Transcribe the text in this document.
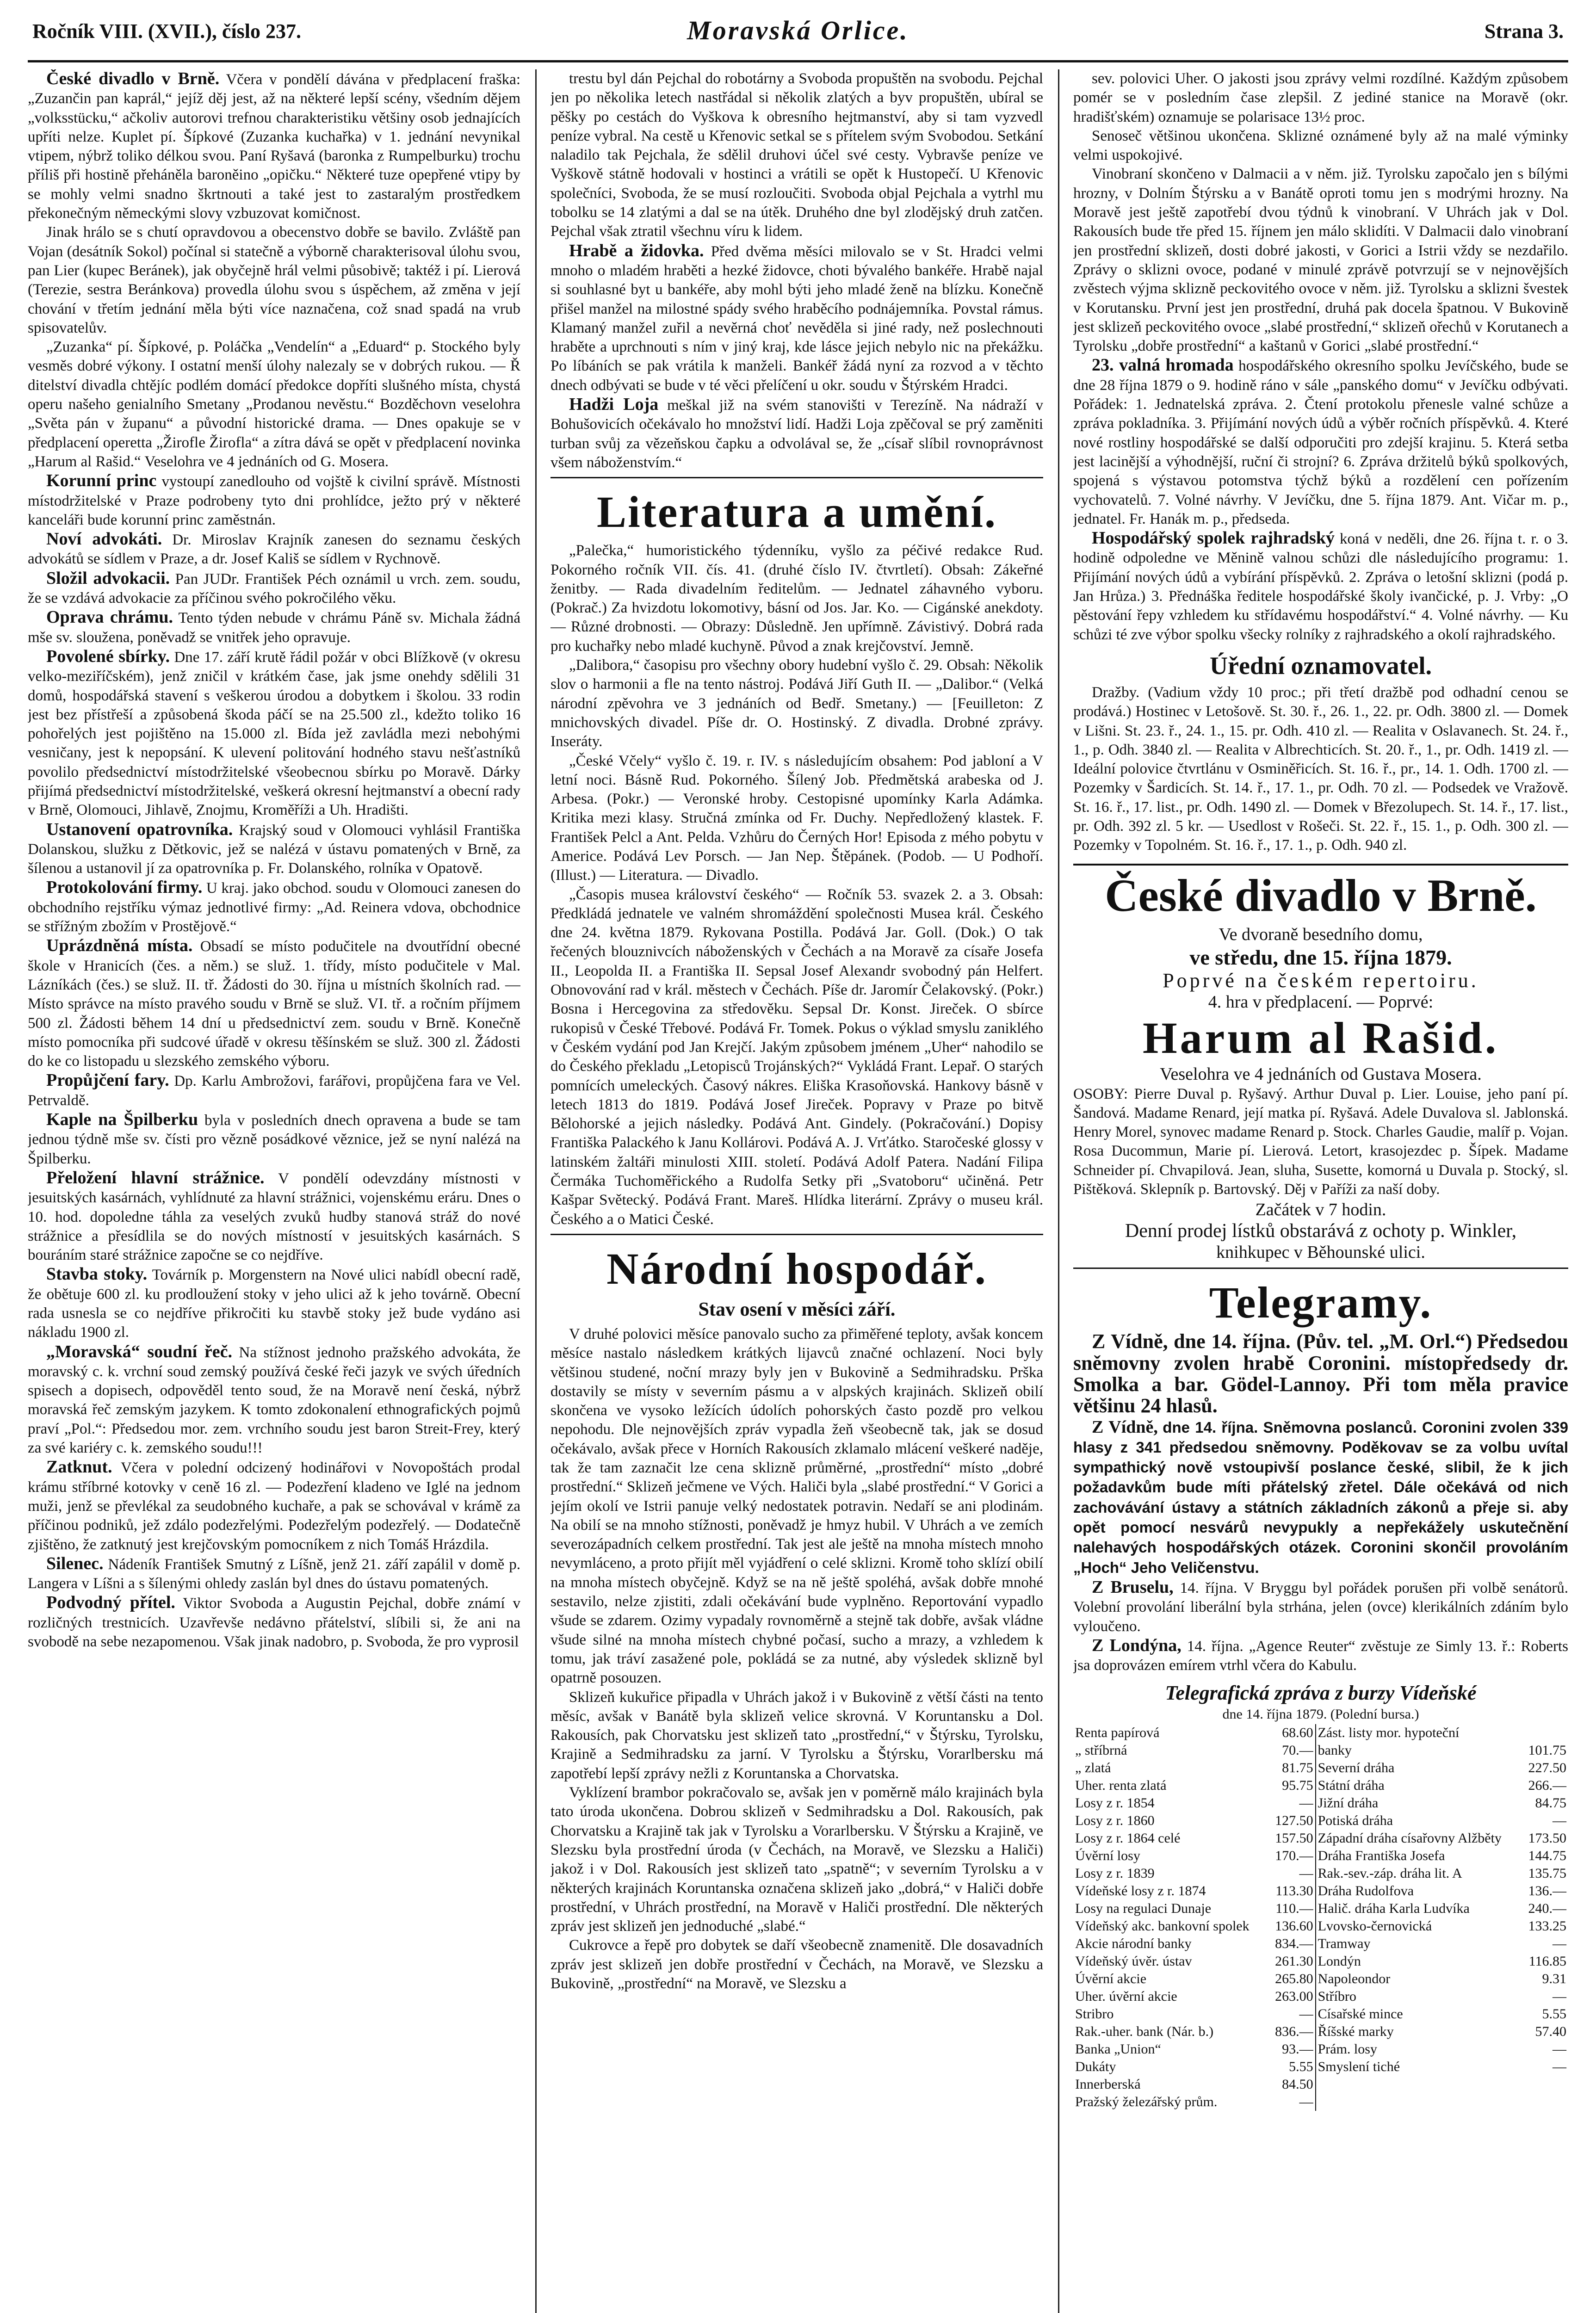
Ročník VIII. (XVII.), číslo 237.	Moravská Orlice.	Strana 3.

České divadlo v Brně. Včera v pondělí dávána v předplacení fraška: „Zuzančin pan kaprál,“ jejíž děj jest, až na některé lepší scény, všedním dějem „volksstücku,“ ačkoliv autorovi trefnou charakteristiku většiny osob jednajících upříti nelze. Kuplet pí. Šípkové (Zuzanka kuchařka) v 1. jednání nevynikal vtipem, nýbrž toliko délkou svou. Paní Ryšavá (baronka z Rumpelburku) trochu příliš při hostině přeháněla baroněino „opičku.“ Některé tuze opepřené vtipy by se mohly velmi snadno škrtnouti a také jest to zastaralým prostředkem překonečným německými slovy vzbuzovat komičnost.

Jinak hrálo se s chutí opravdovou a obecenstvo dobře se bavilo. Zvláště pan Vojan (desátník Sokol) počínal si statečně a výborně charakterisoval úlohu svou, pan Lier (kupec Beránek), jak obyčejně hrál velmi působivě; taktéž i pí. Lierová (Terezie, sestra Beránkova) provedla úlohu svou s úspěchem, až změna v její chování v třetím jednání měla býti více naznačena, což snad spadá na vrub spisovatelův.

„Zuzanka“ pí. Šípkové, p. Poláčka „Vendelín“ a „Eduard“ p. Stockého byly vesměs dobré výkony. I ostatní menší úlohy nalezaly se v dobrých rukou. — Ř ditelství divadla chtějíc podlém domácí předokce dopříti slušného místa, chystá operu našeho genialního Smetany „Prodanou nevěstu.“ Bozděchovn veselohra „Světa pán v županu“ a původní historické drama. — Dnes opakuje se v předplacení operetta „Žirofle Žirofla“ a zítra dává se opět v předplacení novinka „Harum al Rašid.“ Veselohra ve 4 jednáních od G. Mosera.

Korunní princ vystoupí zanedlouho od vojště k civilní správě. Místnosti místodržitelské v Praze podrobeny tyto dni prohlídce, ježto prý v některé kanceláři bude korunní princ zaměstnán.

Noví advokáti. Dr. Miroslav Krajník zanesen do seznamu českých advokátů se sídlem v Praze, a dr. Josef Kališ se sídlem v Rychnově.

Složil advokacii. Pan JUDr. František Péch oznámil u vrch. zem. soudu, že se vzdává advokacie za příčinou svého pokročilého věku.

Oprava chrámu. Tento týden nebude v chrámu Páně sv. Michala žádná mše sv. sloužena, poněvadž se vnitřek jeho opravuje.

Povolené sbírky. Dne 17. září krutě řádil požár v obci Blížkově (v okresu velko-meziříčském), jenž zničil v krátkém čase, jak jsme onehdy sdělili 31 domů, hospodářská stavení s veškerou úrodou a dobytkem i školou. 33 rodin jest bez přístřeší a způsobená škoda páčí se na 25.500 zl., kdežto toliko 16 pohořelých jest pojištěno na 15.000 zl. Bída jež zavládla mezi nebohými vesničany, jest k nepopsání. K ulevení politování hodného stavu nešťastníků povolilo předsednictví místodržitelské všeobecnou sbírku po Moravě. Dárky přijímá předsednictví místodržitelské, veškerá okresní hejtmanství a obecní rady v Brně, Olomouci, Jihlavě, Znojmu, Kroměříži a Uh. Hradišti.

Ustanovení opatrovníka. Krajský soud v Olomouci vyhlásil Františka Dolanskou, služku z Dětkovic, jež se nalézá v ústavu pomatených v Brně, za šílenou a ustanovil jí za opatrovníka p. Fr. Dolanského, rolníka v Opatově.

Protokolování firmy. U kraj. jako obchod. soudu v Olomouci zanesen do obchodního rejstříku výmaz jednotlivé firmy: „Ad. Reinera vdova, obchodnice se střížným zbožím v Prostějově.“

Uprázdněná místa. Obsadí se místo podučitele na dvoutřídní obecné škole v Hranicích (čes. a něm.) se služ. 1. třídy, místo podučitele v Mal. Lázníkách (čes.) se služ. II. tř. Žádosti do 30. října u místních školních rad. — Místo správce na místo pravého soudu v Brně se služ. VI. tř. a ročním příjmem 500 zl. Žádosti během 14 dní u předsednictví zem. soudu v Brně. Konečně místo pomocníka při sudcové úřadě v okresu těšínském se služ. 300 zl. Žádosti do ke co listopadu u slezského zemského výboru.

Propůjčení fary. Dp. Karlu Ambrožovi, farářovi, propůjčena fara ve Vel. Petrvaldě.

Kaple na Špilberku byla v posledních dnech opravena a bude se tam jednou týdně mše sv. čísti pro vězně posádkové věznice, jež se nyní nalézá na Špilberku.

Přeložení hlavní strážnice. V pondělí odevzdány místnosti v jesuitských kasárnách, vyhlídnuté za hlavní strážnici, vojenskému eráru. Dnes o 10. hod. dopoledne táhla za veselých zvuků hudby stanová stráž do nové strážnice a přesídlila se do nových místností v jesuitských kasárnách. S bouráním staré strážnice započne se co nejdříve.

Stavba stoky. Továrník p. Morgenstern na Nové ulici nabídl obecní radě, že obětuje 600 zl. ku prodloužení stoky v jeho ulici až k jeho továrně. Obecní rada usnesla se co nejdříve přikročiti ku stavbě stoky jež bude vydáno asi nákladu 1900 zl.

„Moravská“ soudní řeč. Na stížnost jednoho pražského advokáta, že moravský c. k. vrchní soud zemský používá české řeči jazyk ve svých úředních spisech a dopisech, odpověděl tento soud, že na Moravě není česká, nýbrž moravská řeč zemským jazykem. K tomto zdokonalení ethnografických pojmů praví „Pol.“: Předsedou mor. zem. vrchního soudu jest baron Streit-Frey, který za své kariéry c. k. zemského soudu!!!

Zatknut. Včera v polední odcizený hodinářovi v Novopoštách prodal krámu stříbrné kotovky v ceně 16 zl. — Podezření kladeno ve Iglé na jednom muži, jenž se převlékal za seudobného kuchaře, a pak se schovával v krámě za příčinou podniků, jež zdálo podezřelými. Podezřelým podezřelý. — Dodatečně zjištěno, že zatknutý jest krejčovským pomocníkem z nich Tomáš Hrázdila.

Silenec. Nádeník František Smutný z Líšně, jenž 21. září zapálil v domě p. Langera v Líšni a s šílenými ohledy zaslán byl dnes do ústavu pomatených.

Podvodný přítel. Viktor Svoboda a Augustin Pejchal, dobře známí v rozličných trestnicích. Uzavřevše nedávno přátelství, slíbili si, že ani na svobodě na sebe nezapomenou. Však jinak nadobro, p. Svoboda, že pro vyprosil

trestu byl dán Pejchal do robotárny a Svoboda propuštěn na svobodu. Pejchal jen po několika letech nastřádal si několik zlatých a byv propuštěn, ubíral se pěšky po cestách do Vyškova k obresního hejtmanství, aby si tam vyzvedl peníze vybral. Na cestě u Křenovic setkal se s přítelem svým Svobodou. Setkání naladilo tak Pejchala, že sdělil druhovi účel své cesty. Vybravše peníze ve Vyškově státně hodovali v hostinci a vrátili se opět k Hustopečí. U Křenovic společníci, Svoboda, že se musí rozloučiti. Svoboda objal Pejchala a vytrhl mu tobolku se 14 zlatými a dal se na útěk. Druhého dne byl zlodějský druh zatčen. Pejchal však ztratil všechnu víru k lidem.

Hrabě a židovka. Před dvěma měsíci milovalo se v St. Hradci velmi mnoho o mladém hraběti a hezké židovce, choti bývalého bankéře. Hrabě najal si souhlasné byt u bankéře, aby mohl býti jeho mladé ženě na blízku. Konečně přišel manžel na milostné spády svého hraběcího podnájemníka. Povstal rámus. Klamaný manžel zuřil a nevěrná choť nevěděla si jiné rady, než poslechnouti hraběte a uprchnouti s ním v jiný kraj, kde lásce jejich nebylo nic na překážku. Po líbáních se pak vrátila k manželi. Bankéř žádá nyní za rozvod a v těchto dnech odbývati se bude v té věci přelíčení u okr. soudu v Štýrském Hradci.

Hadži Loja meškal již na svém stanovišti v Terezíně. Na nádraží v Bohušovicích očekávalo ho množství lidí. Hadži Loja zpěčoval se prý zaměniti turban svůj za vězeňskou čapku a odvolával se, že „císař slíbil rovnoprávnost všem náboženstvím.“

Literatura a umění.

„Palečka,“ humoristického týdenníku, vyšlo za péčivé redakce Rud. Pokorného ročník VII. čís. 41. (druhé číslo IV. čtvrtletí). Obsah: Zákeřné ženitby. — Rada divadelním ředitelům. — Jednatel záhavného vyboru. (Pokrač.) Za hvizdotu lokomotivy, básní od Jos. Jar. Ko. — Cigánské anekdoty. — Různé drobnosti. — Obrazy: Důsledně. Jen upřímně. Závistivý. Dobrá rada pro kuchařky nebo mladé kuchyně. Původ a znak krejčovství. Jemně.

„Dalibora,“ časopisu pro všechny obory hudební vyšlo č. 29. Obsah: Několik slov o harmonii a fle na tento nástroj. Podává Jiří Guth II. — „Dalibor.“ (Velká národní zpěvohra ve 3 jednáních od Bedř. Smetany.) — [Feuilleton: Z mnichovských divadel. Píše dr. O. Hostinský. Z divadla. Drobné zprávy. Inseráty.

„České Včely“ vyšlo č. 19. r. IV. s následujícím obsahem: Pod jabloní a V letní noci. Básně Rud. Pokorného. Šílený Job. Předmětská arabeska od J. Arbesa. (Pokr.) — Veronské hroby. Cestopisné upomínky Karla Adámka. Kritika mezi klasy. Stručná zmínka od Fr. Duchy. Nepředložený klastek. F. František Pelcl a Ant. Pelda. Vzhůru do Černých Hor! Episoda z mého pobytu v Americe. Podává Lev Porsch. — Jan Nep. Štěpánek. (Podob. — U Podhoří. (Illust.) — Literatura. — Divadlo.

„Časopis musea království českého“ — Ročník 53. svazek 2. a 3. Obsah: Předkládá jednatele ve valném shromáždění společnosti Musea král. Českého dne 24. května 1879. Rykovana Postilla. Podává Jar. Goll. (Dok.) O tak řečených blouznivcích náboženských v Čechách a na Moravě za císaře Josefa II., Leopolda II. a Františka II. Sepsal Josef Alexandr svobodný pán Helfert. Obnovování rad v král. městech v Čechách. Píše dr. Jaromír Čelakovský. (Pokr.) Bosna i Hercegovina za středověku. Sepsal Dr. Konst. Jireček. O sbírce rukopisů v České Třebové. Podává Fr. Tomek. Pokus o výklad smyslu zaniklého v Českém vydání pod Jan Krejčí. Jakým způsobem jménem „Uher“ nahodilo se do Českého překladu „Letopisců Trojánských?“ Vykládá Frant. Lepař. O starých pomnících umeleckých. Časový nákres. Eliška Krasoňovská. Hankovy básně v letech 1813 do 1819. Podává Josef Jireček. Popravy v Praze po bitvě Bělohorské a jejich následky. Podává Ant. Gindely. (Pokračování.) Dopisy Františka Palackého k Janu Kollárovi. Podává A. J. Vrťátko. Staročeské glossy v latinském žaltáři minulosti XIII. století. Podává Adolf Patera. Nadání Filipa Čermáka Tuchoměřického a Rudolfa Setky při „Svatoboru“ učiněná. Petr Kašpar Světecký. Podává Frant. Mareš. Hlídka literární. Zprávy o museu král. Českého a o Matici České.

Národní hospodář.
Stav osení v měsíci září.

V druhé polovici měsíce panovalo sucho za přiměřené teploty, avšak koncem měsíce nastalo následkem krátkých lijavců značné ochlazení. Noci byly většinou studené, noční mrazy byly jen v Bukovině a Sedmihradsku. Prška dostavily se místy v severním pásmu a v alpských krajinách. Sklizeň obilí skončena ve vysoko ležících údolích pohorských často pozdě pro velkou nepohodu. Dle nejnovějších zpráv vypadla žeň všeobecně tak, jak se dosud očekávalo, avšak přece v Horních Rakousích zklamalo mlácení veškeré naděje, tak že tam zaznačit lze cena sklizně průměrné, „prostřední“ místo „dobré prostřední.“ Sklizeň ječmene ve Vých. Haliči byla „slabé prostřední.“ V Gorici a jejím okolí ve Istrii panuje velký nedostatek potravin. Nedaří se ani plodinám. Na obilí se na mnoho stížnosti, poněvadž je hmyz hubil. V Uhrách a ve zemích severozápadních celkem prostřední. Tak jest ale ještě na mnoha místech mnoho nevymláceno, a proto přijít měl vyjádření o celé sklizni. Kromě toho sklízí obilí na mnoha místech obyčejně. Když se na ně ještě spoléhá, avšak dobře mnohé sestavilo, nelze zjistiti, zdali očekávání bude vyplněno. Reportování vypadlo všude se zdarem. Ozimy vypadaly rovnoměrně a stejně tak dobře, avšak vládne všude silné na mnoha místech chybné počasí, sucho a mrazy, a vzhledem k tomu, jak tráví zasažené pole, pokládá se za nutné, aby výsledek sklizně byl opatrně posouzen.

Sklizeň kukuřice připadla v Uhrách jakož i v Bukovině z větší části na tento měsíc, avšak v Banátě byla sklizeň velice skrovná. V Koruntansku a Dol. Rakousích, pak Chorvatsku jest sklizeň tato „prostřední,“ v Štýrsku, Tyrolsku, Krajině a Sedmihradsku za jarní. V Tyrolsku a Štýrsku, Vorarlbersku má zapotřebí lepší zprávy nežli z Koruntanska a Chorvatska.

Vyklízení brambor pokračovalo se, avšak jen v poměrně málo krajinách byla tato úroda ukončena. Dobrou sklizeň v Sedmihradsku a Dol. Rakousích, pak Chorvatsku a Krajině tak jak v Tyrolsku a Vorarlbersku. V Štýrsku a Krajině, ve Slezsku byla prostřední úroda (v Čechách, na Moravě, ve Slezsku a Haliči) jakož i v Dol. Rakousích jest sklizeň tato „spatně“; v severním Tyrolsku a v některých krajinách Koruntanska označena sklizeň jako „dobrá,“ v Haliči dobře prostřední, v Uhrách prostřední, na Moravě v Haliči prostřední. Dle některých zpráv jest sklizeň jen jednoduché „slabé.“

Cukrovce a řepě pro dobytek se daří všeobecně znamenitě. Dle dosavadních zpráv jest sklizeň jen dobře prostřední v Čechách, na Moravě, ve Slezsku a Bukovině, „prostřední“ na Moravě, ve Slezsku a

sev. polovici Uher. O jakosti jsou zprávy velmi rozdílné. Každým způsobem pomér se v posledním čase zlepšil. Z jediné stanice na Moravě (okr. hradišťském) oznamuje se polarisace 13½ proc.

Senoseč většinou ukončena. Sklizné oznámené byly až na malé výminky velmi uspokojivé.

Vinobraní skončeno v Dalmacii a v něm. již. Tyrolsku započalo jen s bílými hrozny, v Dolním Štýrsku a v Banátě oproti tomu jen s modrými hrozny. Na Moravě jest ještě zapotřebí dvou týdnů k vinobraní. V Uhrách jak v Dol. Rakousích bude tře před 15. říjnem jen málo sklidíti. V Dalmacii dalo vinobraní jen prostřední sklizeň, dosti dobré jakosti, v Gorici a Istrii vždy se nezdařilo. Zprávy o sklizni ovoce, podané v minulé zprávě potvrzují se v nejnovějších zvěstech výjma sklizně peckovitého ovoce v něm. již. Tyrolsku a sklizni švestek v Korutansku. První jest jen prostřední, druhá pak docela špatnou. V Bukovině jest sklizeň peckovitého ovoce „slabé prostřední,“ sklizeň ořechů v Korutanech a Tyrolsku „dobře prostřední“ a kaštanů v Gorici „slabé prostřední.“

23. valná hromada hospodářského okresního spolku Jevíčského, bude se dne 28 října 1879 o 9. hodině ráno v sále „panského domu“ v Jevíčku odbývati. Pořádek: 1. Jednatelská zpráva. 2. Čtení protokolu přenesle valné schůze a zpráva pokladníka. 3. Přijímání nových údů a výběr ročních příspěvků. 4. Které nové rostliny hospodářské se další odporučiti pro zdejší krajinu. 5. Která setba jest lacinější a výhodnější, ruční či strojní? 6. Zpráva držitelů býků spolkových, spojená s výstavou potomstva týchž býků a rozdělení cen pořízením vychovatelů. 7. Volné návrhy. V Jevíčku, dne 5. října 1879. Ant. Vičar m. p., jednatel. Fr. Hanák m. p., předseda.

Hospodářský spolek rajhradský koná v neděli, dne 26. října t. r. o 3. hodině odpoledne ve Měnině valnou schůzi dle následujícího programu: 1. Přijímání nových údů a vybírání příspěvků. 2. Zpráva o letošní sklizni (podá p. Jan Hrůza.) 3. Přednáška ředitele hospodářské školy ivančické, p. J. Vrby: „O pěstování řepy vzhledem ku střídavému hospodářství.“ 4. Volné návrhy. — Ku schůzi té zve výbor spolku všecky rolníky z rajhradského a okolí rajhradského.

Úřední oznamovatel.

Dražby. (Vadium vždy 10 proc.; při třetí dražbě pod odhadní cenou se prodává.) Hostinec v Letošově. St. 30. ř., 26. 1., 22. pr. Odh. 3800 zl. — Domek v Lišni. St. 23. ř., 24. 1., 15. pr. Odh. 410 zl. — Realita v Oslavanech. St. 24. ř., 1., p. Odh. 3840 zl. — Realita v Albrechticích. St. 20. ř., 1., pr. Odh. 1419 zl. — Ideální polovice čtvrtlánu v Osminěřicích. St. 16. ř., pr., 14. 1. Odh. 1700 zl. — Pozemky v Šardicích. St. 14. ř., 17. 1., pr. Odh. 70 zl. — Podsedek ve Vražově. St. 16. ř., 17. list., pr. Odh. 1490 zl. — Domek v Březolupech. St. 14. ř., 17. list., pr. Odh. 392 zl. 5 kr. — Usedlost v Rošeči. St. 22. ř., 15. 1., p. Odh. 300 zl. — Pozemky v Topolném. St. 16. ř., 17. 1., p. Odh. 940 zl.

České divadlo v Brně.

Ve dvoraně besedního domu,

ve středu, dne 15. října 1879.

Poprvé na českém repertoiru.

4. hra v předplacení. — Poprvé:

Harum al Rašid.

Veselohra ve 4 jednáních od Gustava Mosera.

OSOBY: Pierre Duval p. Ryšavý. Arthur Duval p. Lier. Louise, jeho paní pí. Šandová. Madame Renard, její matka pí. Ryšavá. Adele Duvalova sl. Jablonská. Henry Morel, synovec madame Renard p. Stock. Charles Gaudie, malíř p. Vojan. Rosa Ducommun, Marie pí. Lierová. Letort, krasojezdec p. Šípek. Madame Schneider pí. Chvapilová. Jean, sluha, Susette, komorná u Duvala p. Stocký, sl. Pištěková. Sklepník p. Bartovský. Děj v Paříži za naší doby.

Začátek v 7 hodin.

Denní prodej lístků obstarává z ochoty p. Winkler,

knihkupec v Běhounské ulici.

Telegramy.

Z Vídně, dne 14. října. (Pův. tel. „M. Orl.“) Předsedou sněmovny zvolen hrabě Coronini. místopředsedy dr. Smolka a bar. Gödel-Lannoy. Při tom měla pravice většinu 24 hlasů.

Z Vídně, dne 14. října. Sněmovna poslanců. Coronini zvolen 339 hlasy z 341 předsedou sněmovny. Poděkovav se za volbu uvítal sympathický nově vstoupivší poslance české, slibil, že k jich požadavkům bude míti přátelský zřetel. Dále očekává od nich zachovávání ústavy a státních základních zákonů a přeje si. aby opět pomocí nesvárů nevypukly a nepřekážely uskutečnění nalehavých hospodářských otázek. Coronini skončil provoláním „Hoch“ Jeho Veličenstvu.

Z Bruselu, 14. října. V Bryggu byl pořádek porušen při volbě senátorů. Volební provolání liberální byla strhána, jelen (ovce) klerikálních zdáním bylo vyloučeno.

Z Londýna, 14. října. „Agence Reuter“ zvěstuje ze Simly 13. ř.: Roberts jsa doprovázen emírem vtrhl včera do Kabulu.

Telegrafická zpráva z burzy Vídeňské

dne 14. října 1879. (Polední bursa.)

Renta papírová	68.60	Zást. listy mor. hypoteční	
„ stříbrná	70.—	banky	101.75
„ zlatá	81.75	Severní dráha	227.50
Uher. renta zlatá	95.75	Státní dráha	266.—
Losy z r. 1854	—	Jižní dráha	84.75
Losy z r. 1860	127.50	Potiská dráha	—
Losy z r. 1864 celé	157.50	Západní dráha císařovny Alžběty	173.50
Úvěrní losy	170.—	Dráha Františka Josefa	144.75
Losy z r. 1839	—	Rak.-sev.-záp. dráha lit. A	135.75
Vídeňské losy z r. 1874	113.30	Dráha Rudolfova	136.—
Losy na regulaci Dunaje	110.—	Halič. dráha Karla Ludvíka	240.—
Vídeňský akc. bankovní spolek	136.60	Lvovsko-černovická	133.25
Akcie národní banky	834.—	Tramway	—
Vídeňský úvěr. ústav	261.30	Londýn	116.85
Úvěrní akcie	265.80	Napoleondor	9.31
Uher. úvěrní akcie	263.00	Stříbro	—
Stribro	—	Císařské mince	5.55
Rak.-uher. bank (Nár. b.)	836.—	Říšské marky	57.40
Banka „Union“	93.—	Prám. losy	—
Dukáty	5.55	Smyslení tiché	—
Innerberská	84.50		
Pražský železářský prům.	—		
